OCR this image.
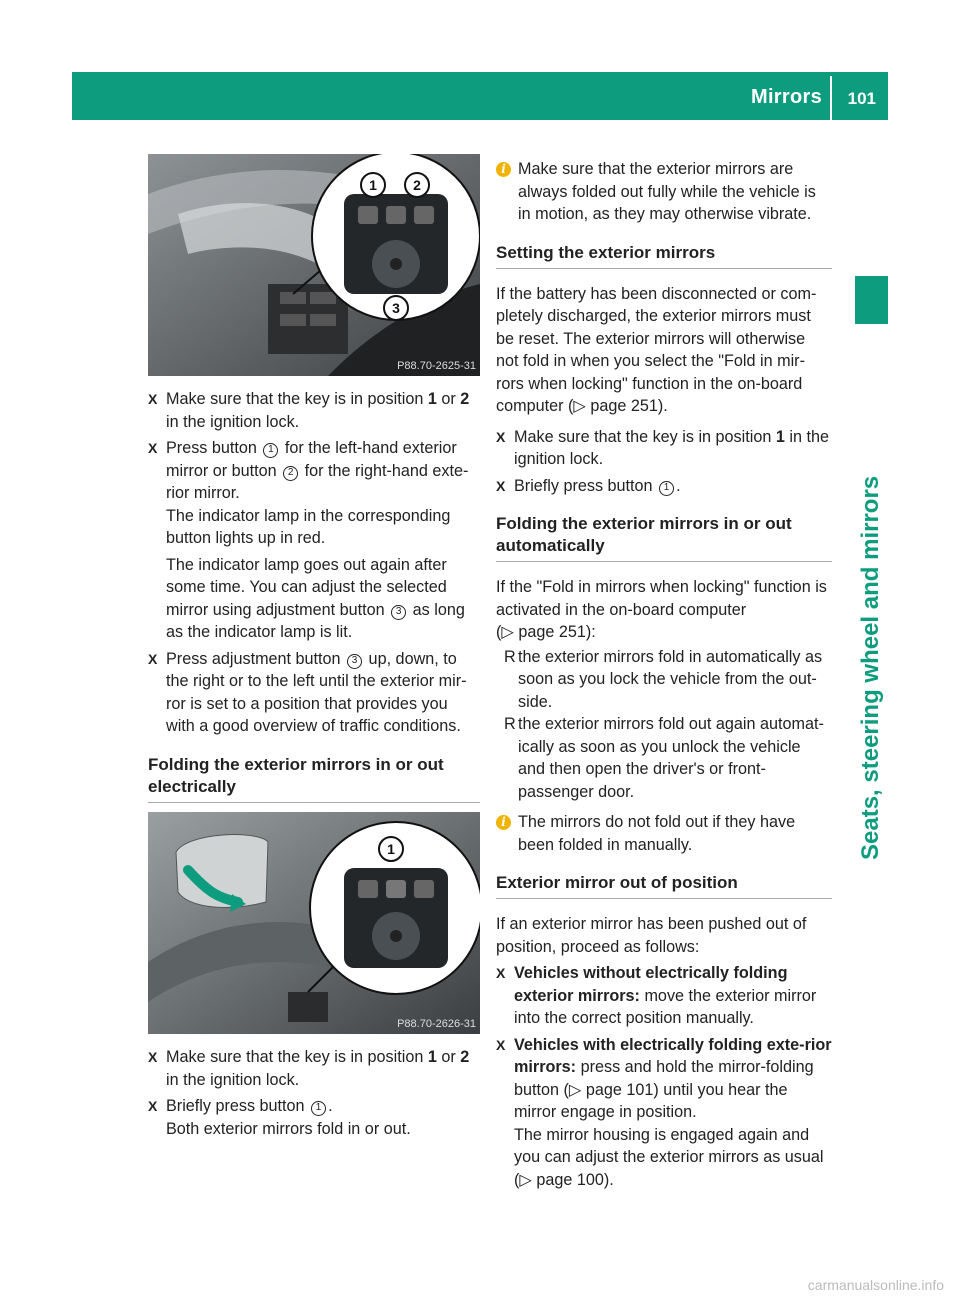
Mirrors 101
Seats, steering wheel and mirrors
1	2
3
P88.70-2625-31
X Make sure that the key is in position 1 or 2 in the ignition lock.
X Press button 1 for the left-hand exterior mirror or button 2 for the right-hand exte-rior mirror.
The indicator lamp in the corresponding button lights up in red.
The indicator lamp goes out again after some time. You can adjust the selected mirror using adjustment button 3 as long as the indicator lamp is lit.
X Press adjustment button 3 up, down, to the right or to the left until the exterior mir-ror is set to a position that provides you with a good overview of traffic conditions.
Folding the exterior mirrors in or out electrically
1
P88.70-2626-31
X Make sure that the key is in position 1 or 2 in the ignition lock.
X Briefly press button 1 .
Both exterior mirrors fold in or out.
i Make sure that the exterior mirrors are always folded out fully while the vehicle is in motion, as they may otherwise vibrate.
Setting the exterior mirrors

If the battery has been disconnected or com-pletely discharged, the exterior mirrors must be reset. The exterior mirrors will otherwise not fold in when you select the "Fold in mir-rors when locking" function in the on-board computer (▷ page 251).

X Make sure that the key is in position 1 in the ignition lock.
X Briefly press button 1 .
Folding the exterior mirrors in or out automatically

If the "Fold in mirrors when locking" function is activated in the on-board computer (▷ page 251):

R the exterior mirrors fold in automatically as soon as you lock the vehicle from the out-side.
R the exterior mirrors fold out again automat-ically as soon as you unlock the vehicle and then open the driver's or front-passenger door.
i The mirrors do not fold out if they have been folded in manually.
Exterior mirror out of position

If an exterior mirror has been pushed out of position, proceed as follows:

X Vehicles without electrically folding exterior mirrors: move the exterior mirror into the correct position manually.
X Vehicles with electrically folding exte-rior mirrors: press and hold the mirror-folding button (▷ page 101) until you hear the mirror engage in position.
The mirror housing is engaged again and you can adjust the exterior mirrors as usual (▷ page 100).
carmanualsonline.info
